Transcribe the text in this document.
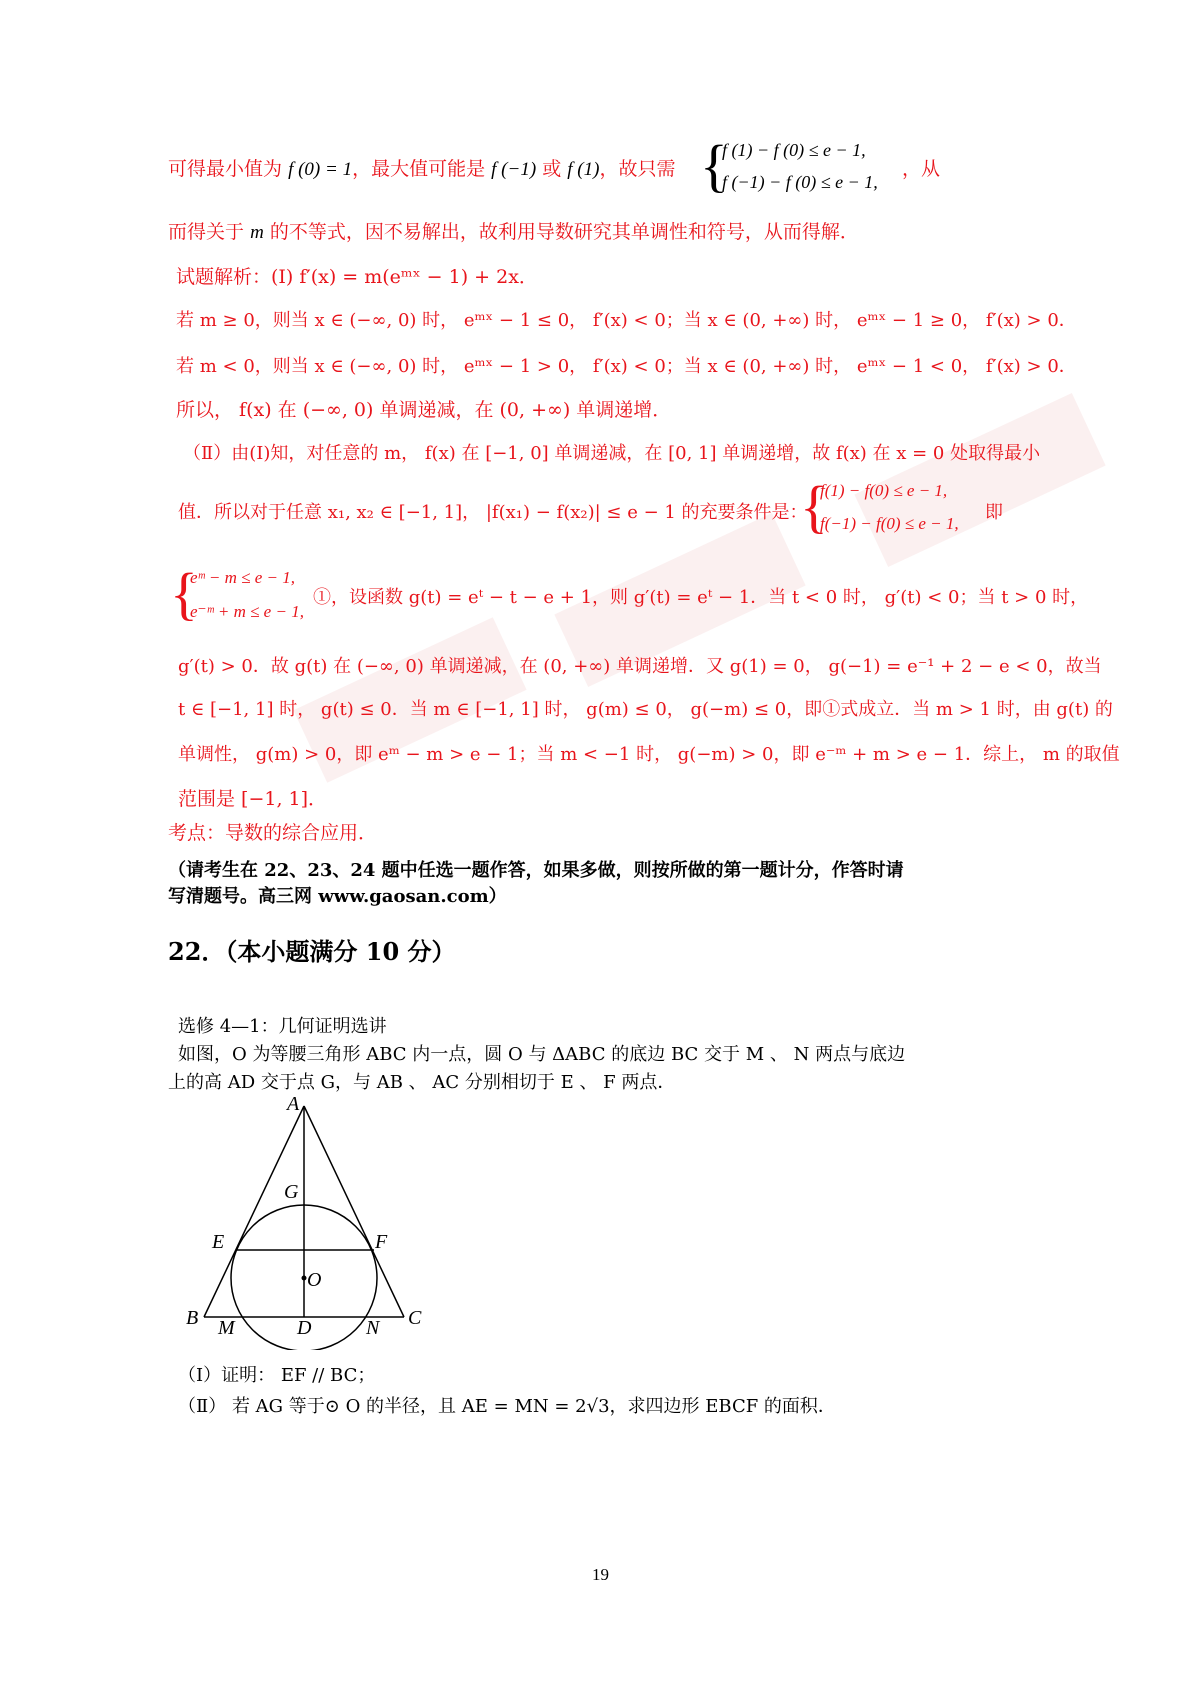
可得最小值为 f (0) = 1，最大值可能是 f (−1) 或 f (1)，故只需 {
f (1) − f (0) ≤ e − 1,
f (−1) − f (0) ≤ e − 1,
，从
而得关于 m 的不等式，因不易解出，故利用导数研究其单调性和符号，从而得解．
试题解析：(Ⅰ) f′(x) = m(eᵐˣ − 1) + 2x．
若 m ≥ 0，则当 x ∈ (−∞, 0) 时， eᵐˣ − 1 ≤ 0， f′(x) < 0；当 x ∈ (0, +∞) 时， eᵐˣ − 1 ≥ 0， f′(x) > 0．
若 m < 0，则当 x ∈ (−∞, 0) 时， eᵐˣ − 1 > 0， f′(x) < 0；当 x ∈ (0, +∞) 时， eᵐˣ − 1 < 0， f′(x) > 0．
所以， f(x) 在 (−∞, 0) 单调递减，在 (0, +∞) 单调递增．
（Ⅱ）由(Ⅰ)知，对任意的 m， f(x) 在 [−1, 0] 单调递减，在 [0, 1] 单调递增，故 f(x) 在 x = 0 处取得最小
值．所以对于任意 x₁, x₂ ∈ [−1, 1]， |f(x₁) − f(x₂)| ≤ e − 1 的充要条件是：
{
f(1) − f(0) ≤ e − 1,
f(−1) − f(0) ≤ e − 1,
即
{
eᵐ − m ≤ e − 1,
e⁻ᵐ + m ≤ e − 1,
①，设函数 g(t) = eᵗ − t − e + 1，则 g′(t) = eᵗ − 1．当 t < 0 时， g′(t) < 0；当 t > 0 时，
g′(t) > 0．故 g(t) 在 (−∞, 0) 单调递减，在 (0, +∞) 单调递增．又 g(1) = 0， g(−1) = e⁻¹ + 2 − e < 0，故当
t ∈ [−1, 1] 时， g(t) ≤ 0．当 m ∈ [−1, 1] 时， g(m) ≤ 0， g(−m) ≤ 0，即①式成立．当 m > 1 时，由 g(t) 的
单调性， g(m) > 0，即 eᵐ − m > e − 1；当 m < −1 时， g(−m) > 0，即 e⁻ᵐ + m > e − 1．综上， m 的取值
范围是 [−1, 1]．
考点：导数的综合应用．
（请考生在 22、23、24 题中任选一题作答，如果多做，则按所做的第一题计分，作答时请
写清题号。高三网 www.gaosan.com）
22．（本小题满分 10 分）
选修 4—1：几何证明选讲
如图，O 为等腰三角形 ABC 内一点，圆 O 与 ΔABC 的底边 BC 交于 M 、 N 两点与底边
上的高 AD 交于点 G，与 AB 、 AC 分别相切于 E 、 F 两点．
A
G
E	F
O
B M	D	N C
（Ⅰ）证明： EF // BC；
（Ⅱ） 若 AG 等于⊙ O 的半径，且 AE = MN = 2√3，求四边形 EBCF 的面积．
19
